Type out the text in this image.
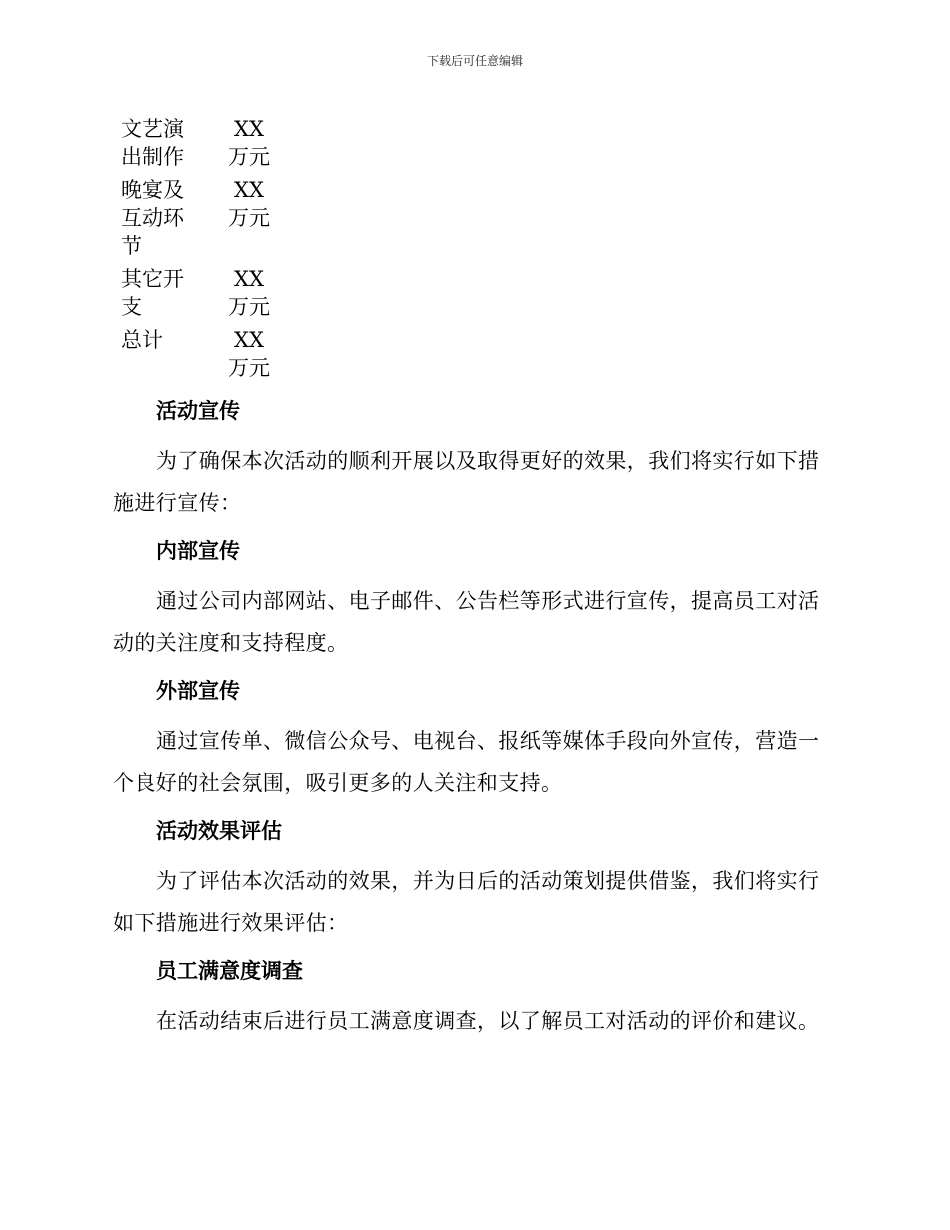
下载后可任意编辑
文艺演出制作
XX万元
晚宴及互动环节
XX万元
其它开支
XX万元
总计	XX万元
活动宣传

为了确保本次活动的顺利开展以及取得更好的效果，我们将实行如下措施进行宣传：

内部宣传

通过公司内部网站、电子邮件、公告栏等形式进行宣传，提高员工对活动的关注度和支持程度。

外部宣传

通过宣传单、微信公众号、电视台、报纸等媒体手段向外宣传，营造一个良好的社会氛围，吸引更多的人关注和支持。

活动效果评估

为了评估本次活动的效果，并为日后的活动策划提供借鉴，我们将实行如下措施进行效果评估：

员工满意度调查

在活动结束后进行员工满意度调查，以了解员工对活动的评价和建议。
